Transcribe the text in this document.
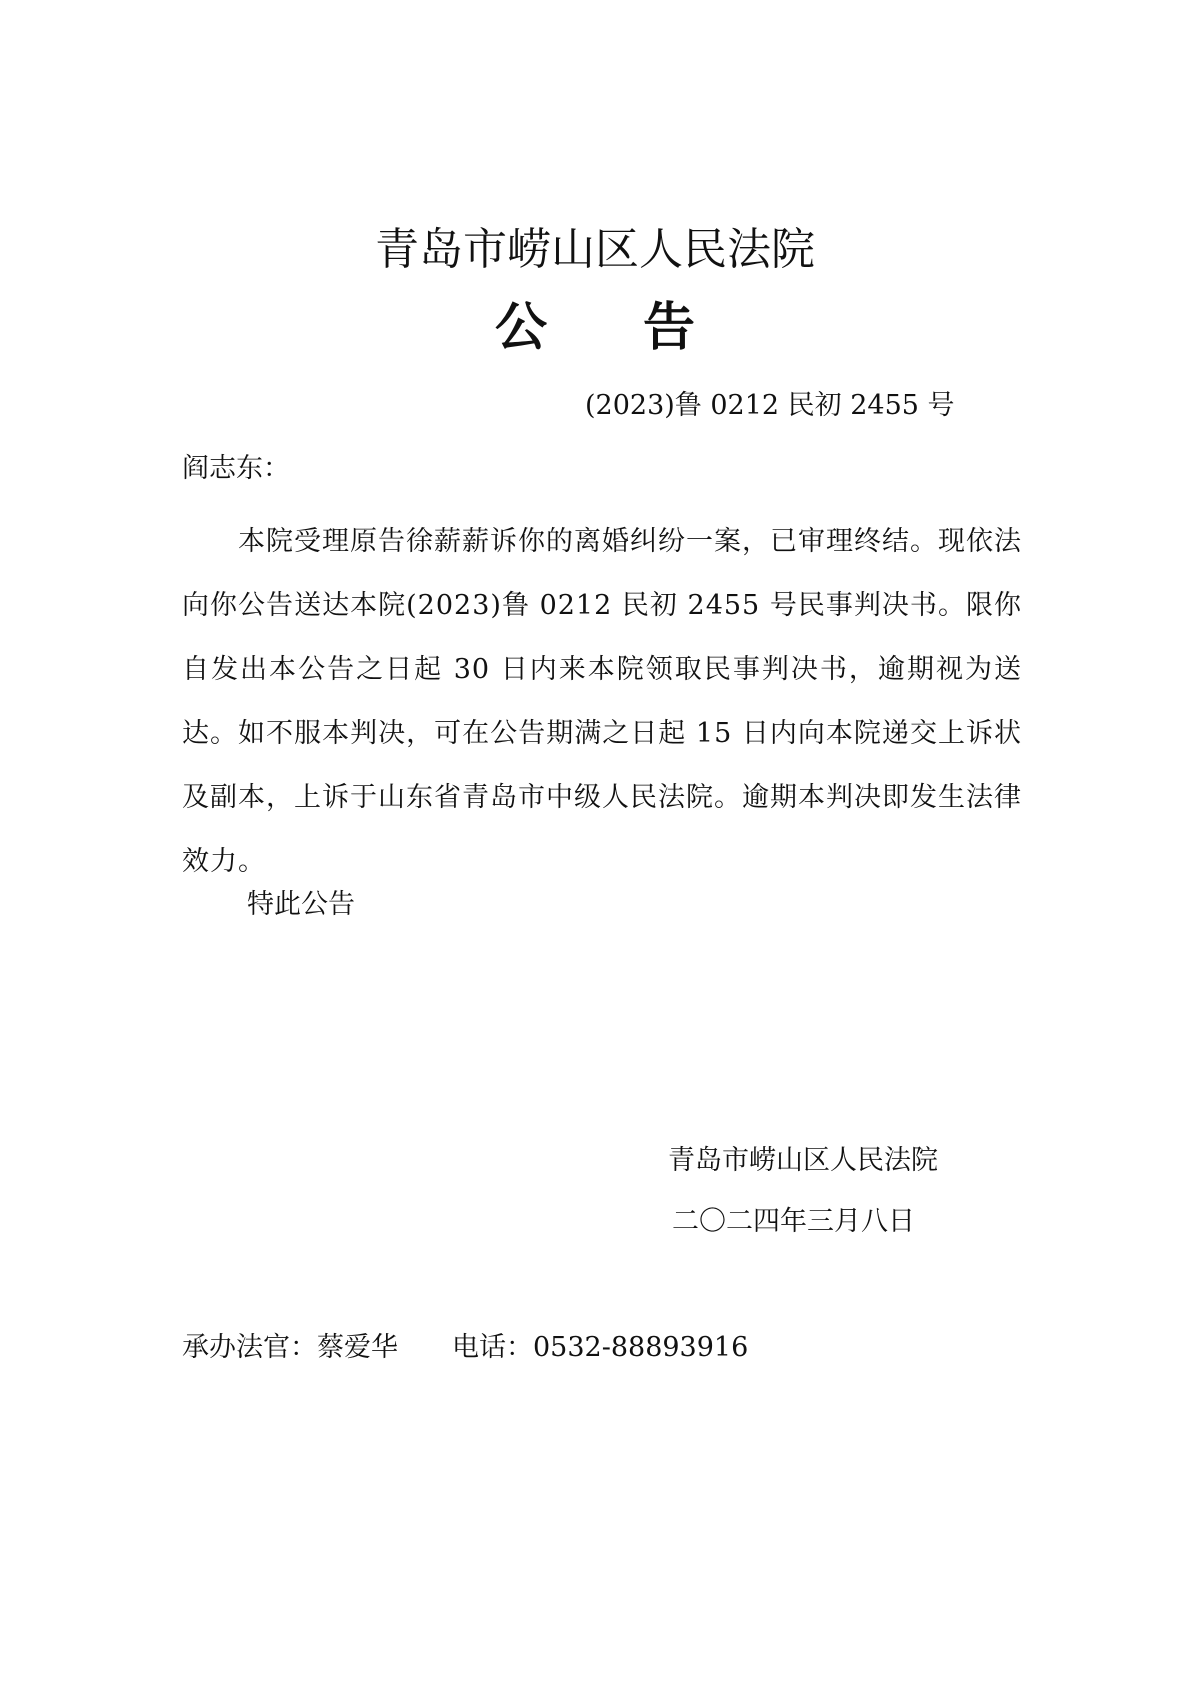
青岛市崂山区人民法院
公告
(2023)鲁 0212 民初 2455 号
阎志东：
本院受理原告徐薪薪诉你的离婚纠纷一案，已审理终结。现依法向你公告送达本院(2023)鲁 0212 民初 2455 号民事判决书。限你自发出本公告之日起 30 日内来本院领取民事判决书，逾期视为送达。如不服本判决，可在公告期满之日起 15 日内向本院递交上诉状及副本，上诉于山东省青岛市中级人民法院。逾期本判决即发生法律效力。
特此公告
青岛市崂山区人民法院
二〇二四年三月八日
承办法官：蔡爱华 电话：0532-88893916
